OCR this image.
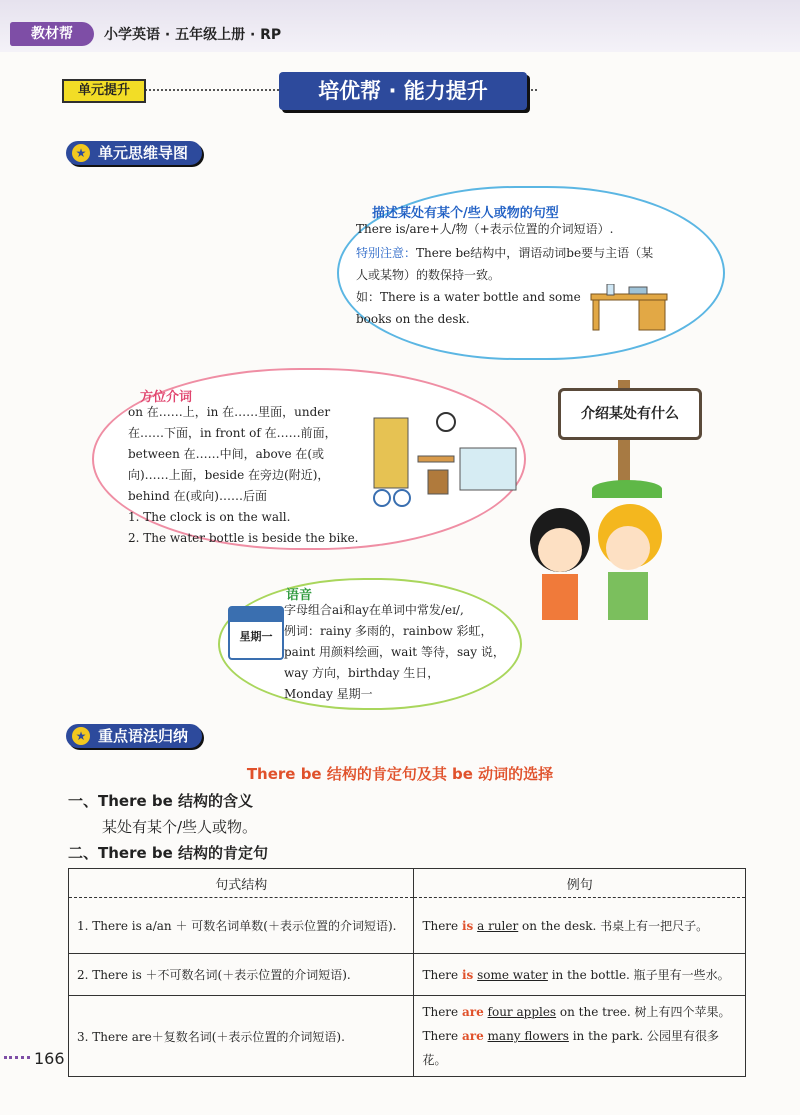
教材帮	小学英语 · 五年级上册 · RP
单元提升	培优帮 · 能力提升
★ 单元思维导图
描述某处有某个/些人或物的句型
There is/are+人/物（+表示位置的介词短语）.
特别注意：There be结构中，谓语动词be要与主语（某
人或某物）的数保持一致。
如：There is a water bottle and some
books on the desk.
方位介词
on 在……上，in 在……里面，under
在……下面，in front of 在……前面，
between 在……中间，above 在(或
向)……上面，beside 在旁边(附近)，
behind 在(或向)……后面
1. The clock is on the wall.
2. The water bottle is beside the bike.
介绍某处有什么
语音
字母组合ai和ay在单词中常发/eɪ/,
例词：rainy 多雨的，rainbow 彩虹，
paint 用颜料绘画，wait 等待，say 说，
way 方向，birthday 生日，
Monday 星期一
星期一
★ 重点语法归纳
There be 结构的肯定句及其 be 动词的选择
一、There be 结构的含义
某处有某个/些人或物。
二、There be 结构的肯定句
句式结构	例句
1. There is a/an ＋ 可数名词单数(＋表示位置的介词短语).	There is a ruler on the desk. 书桌上有一把尺子。
2. There is ＋不可数名词(＋表示位置的介词短语).	There is some water in the bottle. 瓶子里有一些水。
3. There are＋复数名词(＋表示位置的介词短语).	There are four apples on the tree. 树上有四个苹果。
There are many flowers in the park. 公园里有很多花。
166
